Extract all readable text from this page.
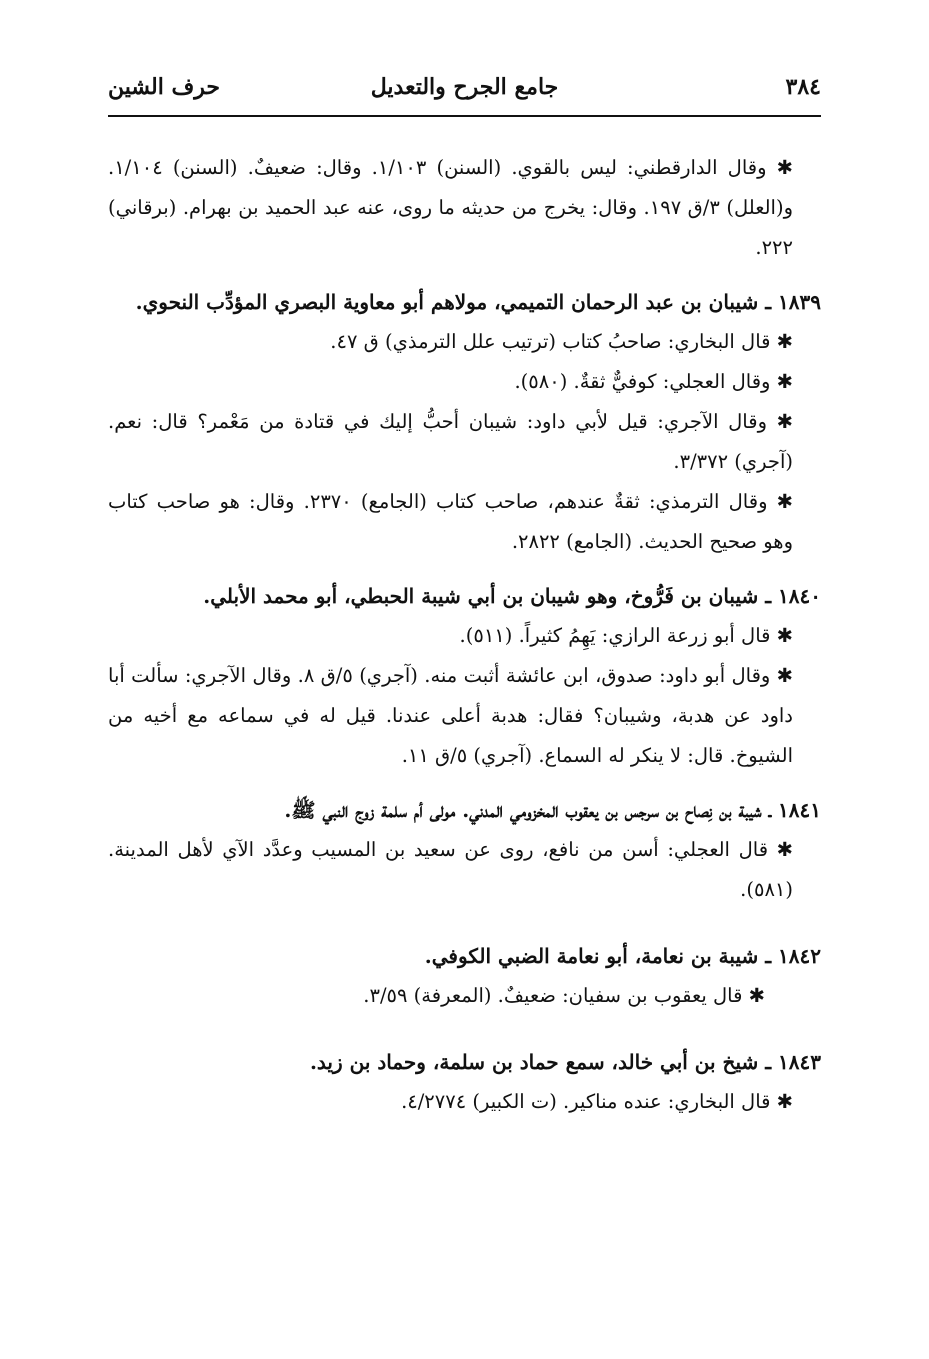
٣٨٤
جامع الجرح والتعديل
حرف الشين

✱ وقال الدارقطني: ليس بالقوي. (السنن) ١/١٠٣. وقال: ضعيفٌ. (السنن) ١/١٠٤. و(العلل) ٣/ق ١٩٧. وقال: يخرج من حديثه ما روى، عنه عبد الحميد بن بهرام. (برقاني) ٢٢٢.

١٨٣٩ ـ شيبان بن عبد الرحمان التميمي، مولاهم أبو معاوية البصري المؤدِّب النحوي.

✱ قال البخاري: صاحبُ كتاب (ترتيب علل الترمذي) ق ٤٧.

✱ وقال العجلي: كوفيٌّ ثقةٌ. (٥٨٠).

✱ وقال الآجري: قيل لأبي داود: شيبان أحبُّ إليك في قتادة من مَعْمر؟ قال: نعم. (آجري) ٣/٣٧٢.

✱ وقال الترمذي: ثقةٌ عندهم، صاحب كتاب (الجامع) ٢٣٧٠. وقال: هو صاحب كتاب وهو صحيح الحديث. (الجامع) ٢٨٢٢.

١٨٤٠ ـ شيبان بن فَرُّوخ، وهو شيبان بن أبي شيبة الحبطي، أبو محمد الأبلي.

✱ قال أبو زرعة الرازي: يَهِمُ كثيراً. (٥١١).

✱ وقال أبو داود: صدوق، ابن عائشة أثبت منه. (آجري) ٥/ق ٨. وقال الآجري: سألت أبا داود عن هدبة، وشيبان؟ فقال: هدبة أعلى عندنا. قيل له في سماعه مع أخيه من الشيوخ. قال: لا ينكر له السماع. (آجري) ٥/ق ١١.

١٨٤١ ـ شيبة بن نِصاح بن سرجس بن يعقوب المخزومي المدني. مولى أم سلمة زوج النبي ﷺ.

✱ قال العجلي: أسن من نافع، روى عن سعيد بن المسيب وعدَّد الآي لأهل المدينة. (٥٨١).

١٨٤٢ ـ شيبة بن نعامة، أبو نعامة الضبي الكوفي.

✱ قال يعقوب بن سفيان: ضعيفٌ. (المعرفة) ٣/٥٩.

١٨٤٣ ـ شيخ بن أبي خالد، سمع حماد بن سلمة، وحماد بن زيد.

✱ قال البخاري: عنده مناكير. (ت الكبير) ٤/٢٧٧٤.
